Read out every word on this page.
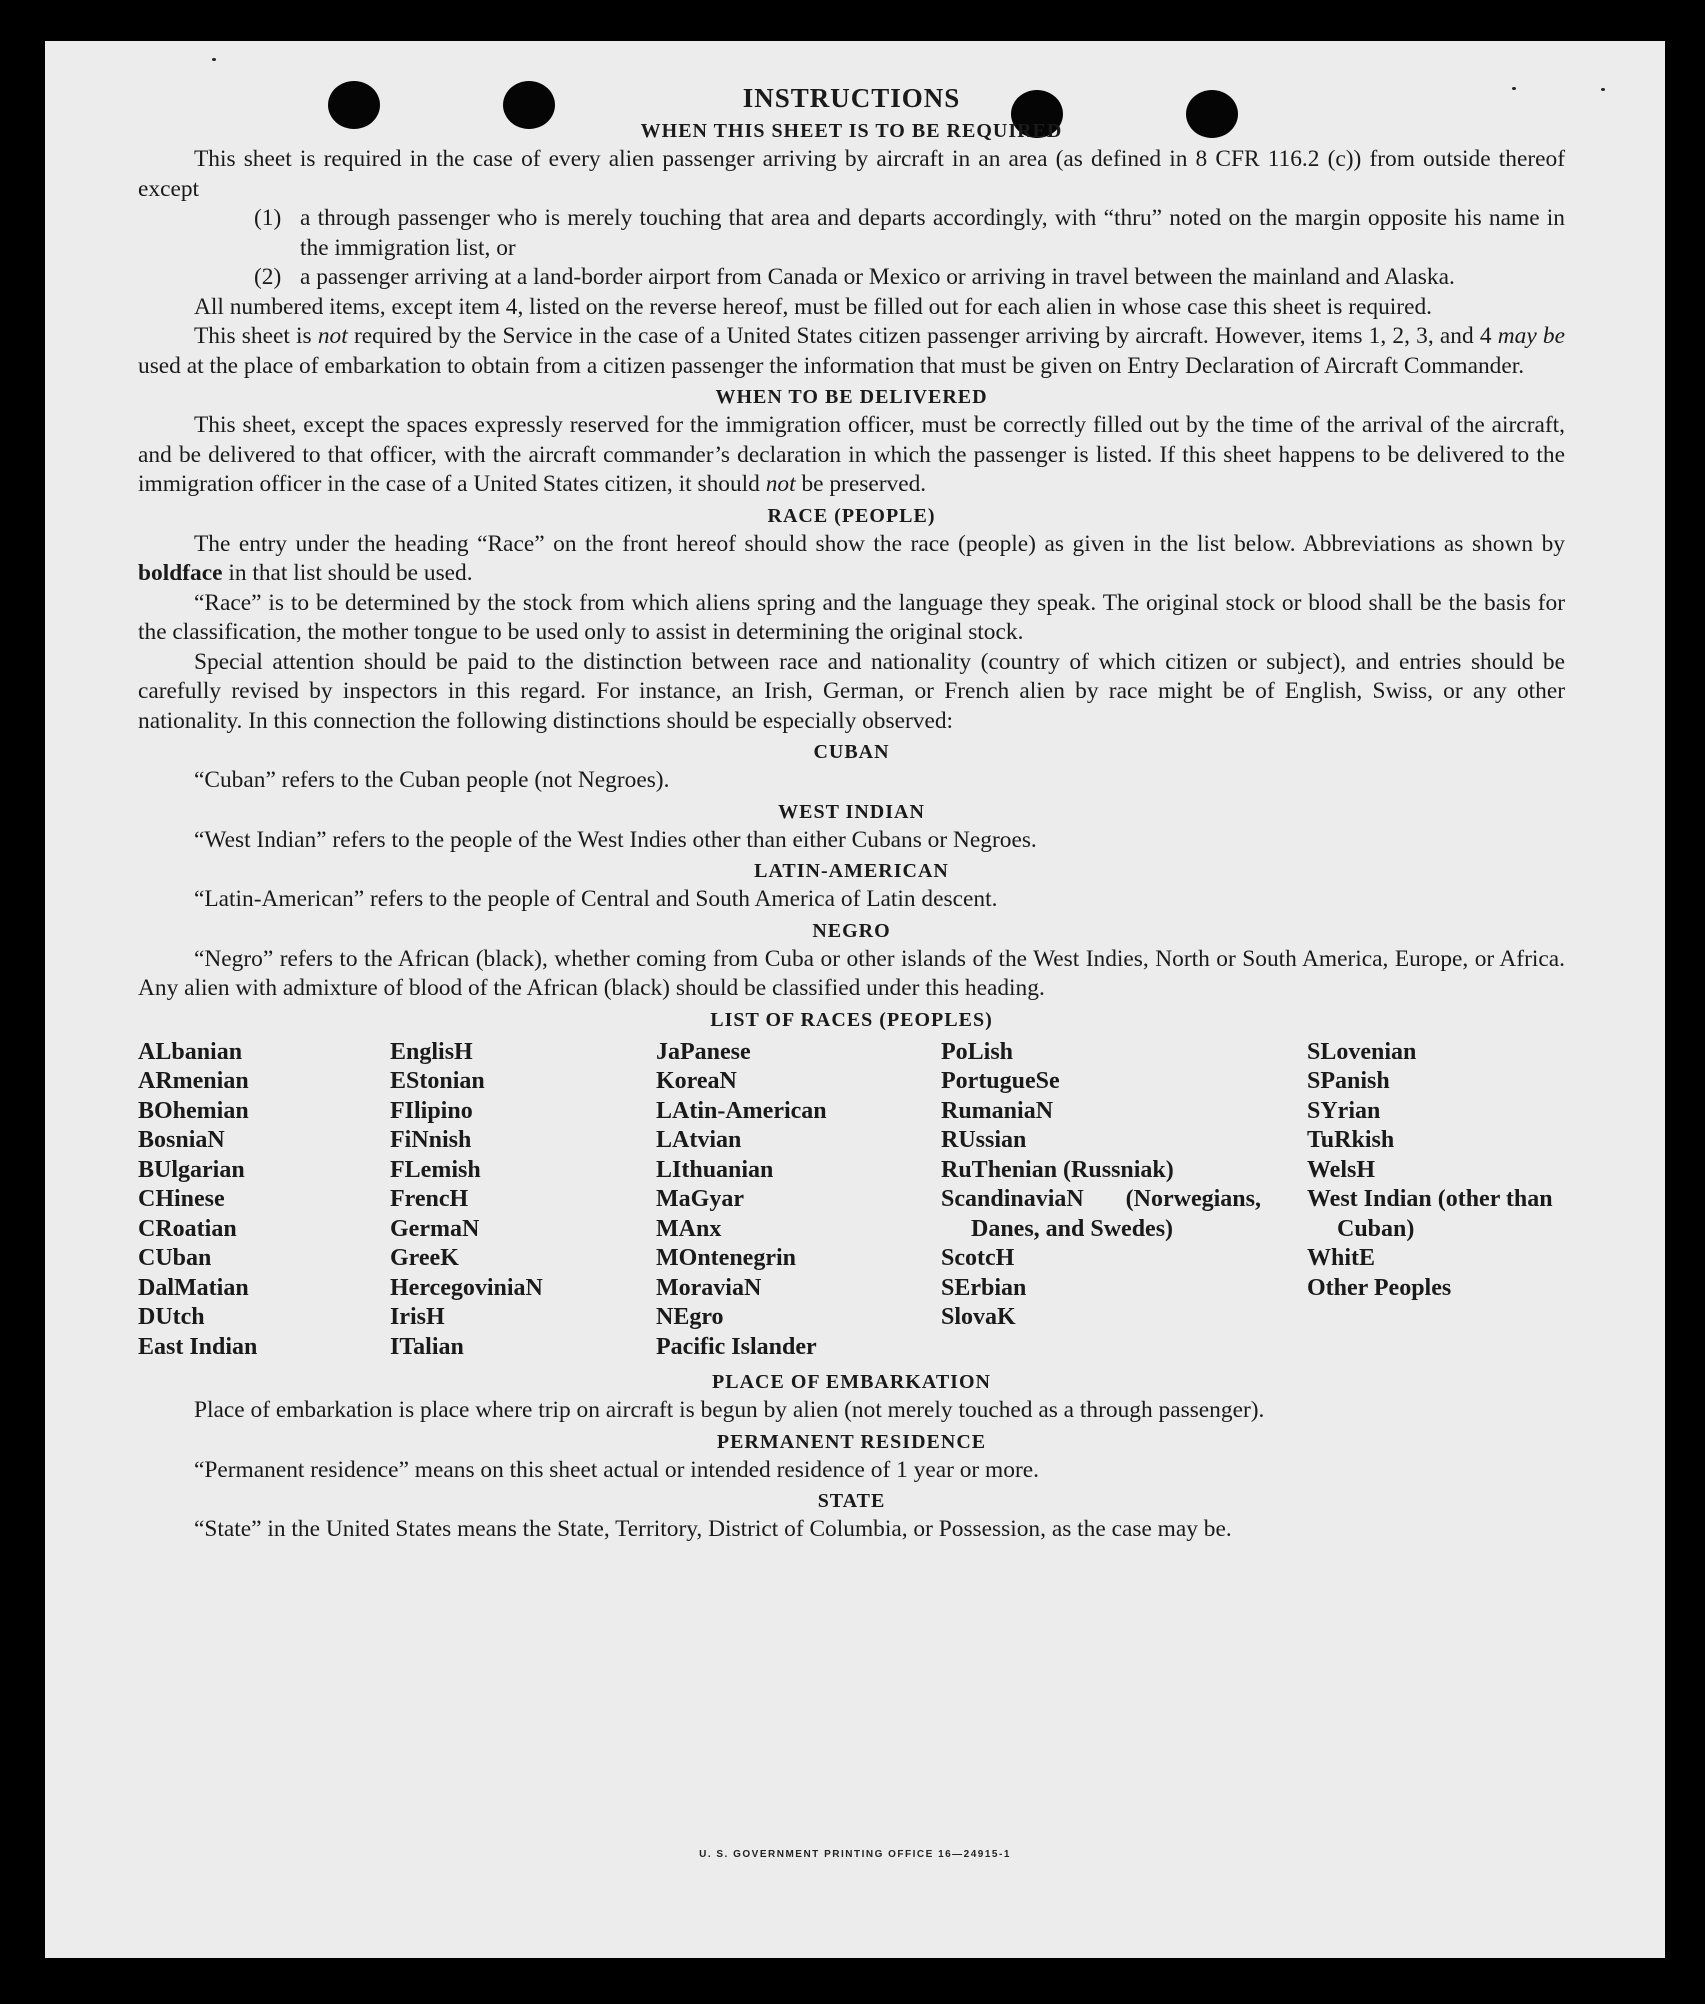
INSTRUCTIONS
WHEN THIS SHEET IS TO BE REQUIRED

This sheet is required in the case of every alien passenger arriving by aircraft in an area (as defined in 8 CFR 116.2 (c)) from outside thereof except

(1) a through passenger who is merely touching that area and departs accordingly, with “thru” noted on the margin opposite his name in the immigration list, or
(2) a passenger arriving at a land-border airport from Canada or Mexico or arriving in travel between the mainland and Alaska.

All numbered items, except item 4, listed on the reverse hereof, must be filled out for each alien in whose case this sheet is required.

This sheet is not required by the Service in the case of a United States citizen passenger arriving by aircraft. However, items 1, 2, 3, and 4 may be used at the place of embarkation to obtain from a citizen passenger the information that must be given on Entry Declaration of Aircraft Commander.

WHEN TO BE DELIVERED

This sheet, except the spaces expressly reserved for the immigration officer, must be correctly filled out by the time of the arrival of the aircraft, and be delivered to that officer, with the aircraft commander’s declaration in which the passenger is listed. If this sheet happens to be delivered to the immigration officer in the case of a United States citizen, it should not be preserved.

RACE (PEOPLE)

The entry under the heading “Race” on the front hereof should show the race (people) as given in the list below. Abbreviations as shown by boldface in that list should be used.

“Race” is to be determined by the stock from which aliens spring and the language they speak. The original stock or blood shall be the basis for the classification, the mother tongue to be used only to assist in determining the original stock.

Special attention should be paid to the distinction between race and nationality (country of which citizen or subject), and entries should be carefully revised by inspectors in this regard. For instance, an Irish, German, or French alien by race might be of English, Swiss, or any other nationality. In this connection the following distinctions should be especially observed:

CUBAN

“Cuban” refers to the Cuban people (not Negroes).

WEST INDIAN

“West Indian” refers to the people of the West Indies other than either Cubans or Negroes.

LATIN-AMERICAN

“Latin-American” refers to the people of Central and South America of Latin descent.

NEGRO

“Negro” refers to the African (black), whether coming from Cuba or other islands of the West Indies, North or South America, Europe, or Africa. Any alien with admixture of blood of the African (black) should be classified under this heading.

LIST OF RACES (PEOPLES)
ALbanian
ARmenian
BOhemian
BosniaN
BUlgarian
CHinese
CRoatian
CUban
DalMatian
DUtch
East Indian
EnglisH
EStonian
FIlipino
FiNnish
FLemish
FrencH
GermaN
GreeK
HercegoviniaN
IrisH
ITalian
JaPanese
KoreaN
LAtin-American
LAtvian
LIthuanian
MaGyar
MAnx
MOntenegrin
MoraviaN
NEgro
Pacific Islander
PoLish
PortugueSe
RumaniaN
RUssian
RuThenian (Russniak)
ScandinaviaN (Norwegians, Danes, and Swedes)
ScotcH
SErbian
SlovaK
SLovenian
SPanish
SYrian
TuRkish
WelsH
West Indian (other than Cuban)
WhitE
Other Peoples
PLACE OF EMBARKATION

Place of embarkation is place where trip on aircraft is begun by alien (not merely touched as a through passenger).

PERMANENT RESIDENCE

“Permanent residence” means on this sheet actual or intended residence of 1 year or more.

STATE

“State” in the United States means the State, Territory, District of Columbia, or Possession, as the case may be.

U. S. GOVERNMENT PRINTING OFFICE 16—24915-1
